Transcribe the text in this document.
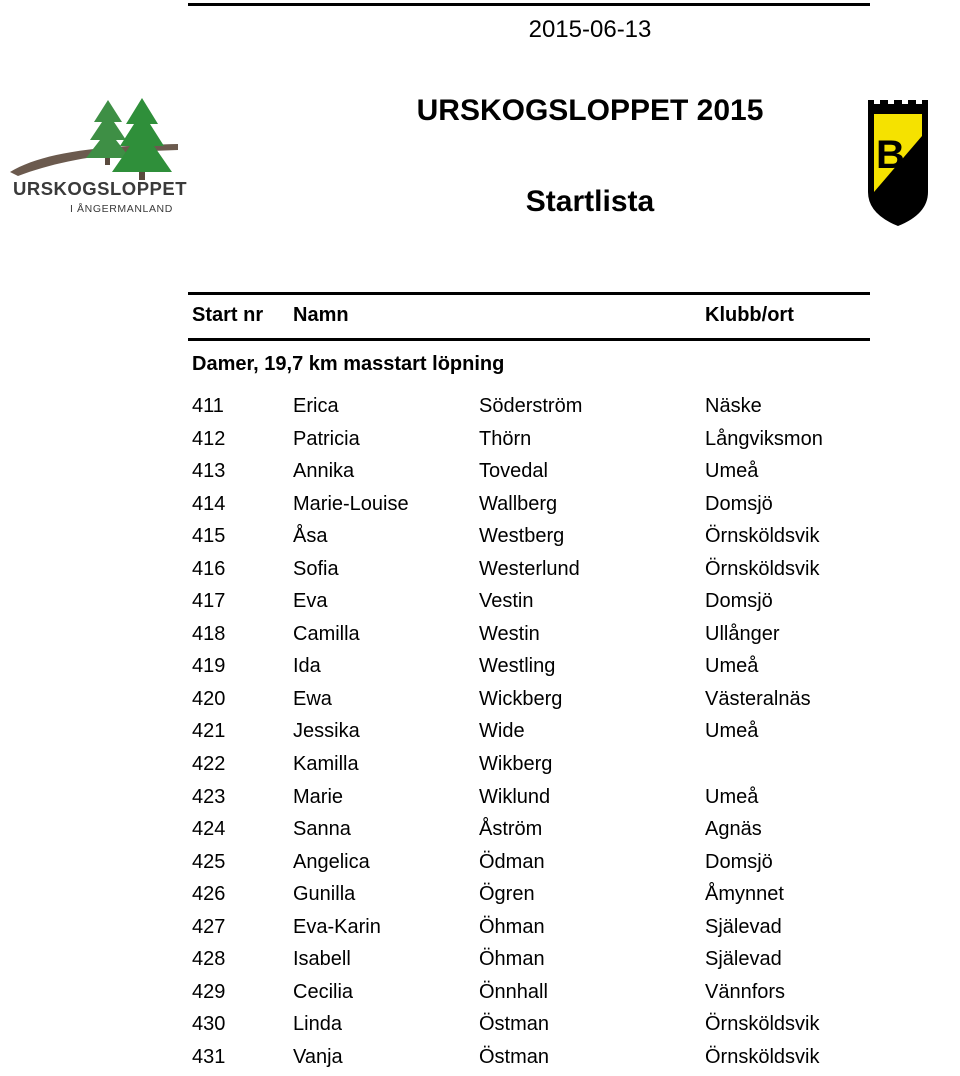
2015-06-13
URSKOGSLOPPET 2015
Startlista
URSKOGSLOPPET
I ÅNGERMANLAND
B
IF
Start nr Namn	Klubb/ort
Damer, 19,7 km masstart löpning
411	Erica	Söderström	Näske
412	Patricia	Thörn	Långviksmon
413	Annika	Tovedal	Umeå
414	Marie-Louise	Wallberg	Domsjö
415	Åsa	Westberg	Örnsköldsvik
416	Sofia	Westerlund	Örnsköldsvik
417	Eva	Vestin	Domsjö
418	Camilla	Westin	Ullånger
419	Ida	Westling	Umeå
420	Ewa	Wickberg	Västeralnäs
421	Jessika	Wide	Umeå
422	Kamilla	Wikberg
423	Marie	Wiklund	Umeå
424	Sanna	Åström	Agnäs
425	Angelica	Ödman	Domsjö
426	Gunilla	Ögren	Åmynnet
427	Eva-Karin	Öhman	Själevad
428	Isabell	Öhman	Själevad
429	Cecilia	Önnhall	Vännfors
430	Linda	Östman	Örnsköldsvik
431	Vanja	Östman	Örnsköldsvik
